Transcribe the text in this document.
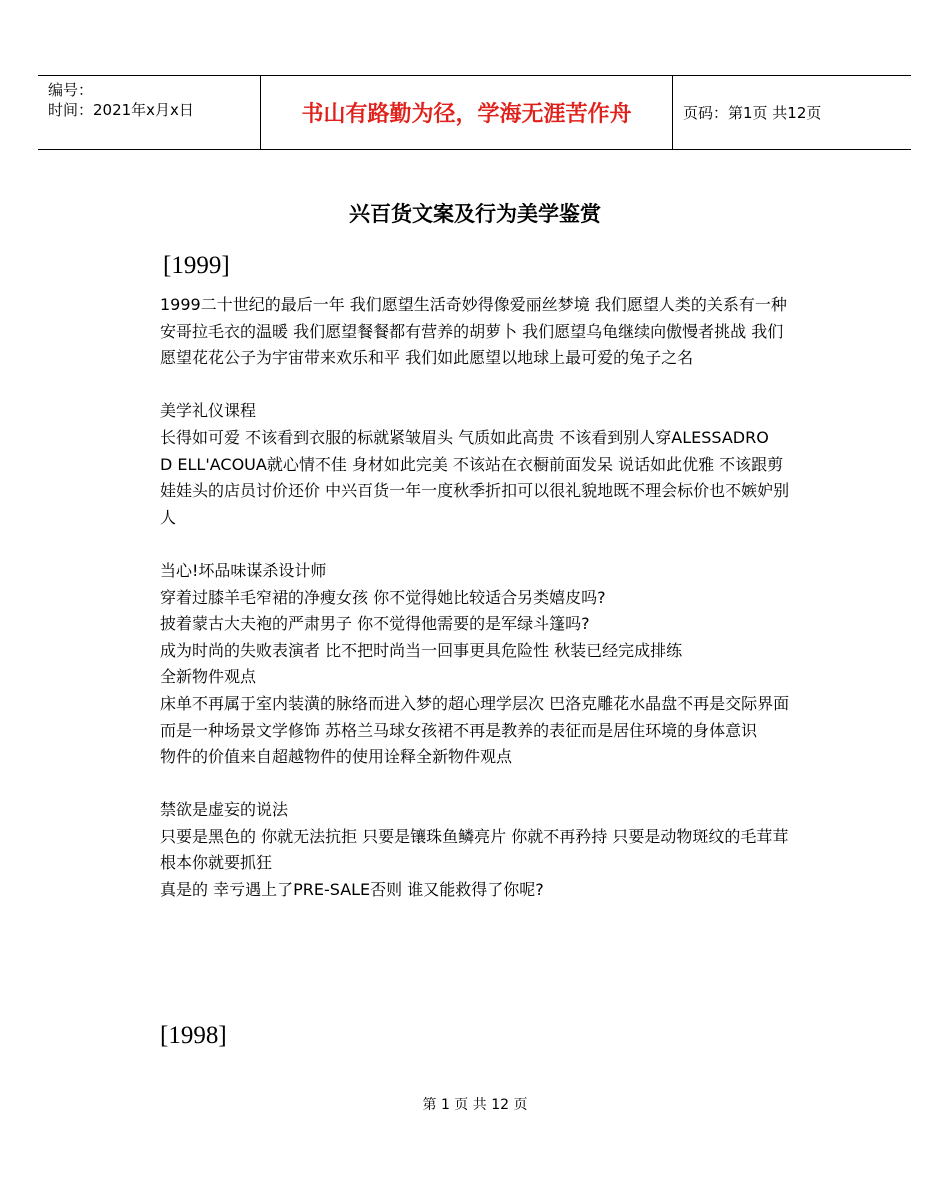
编号：
时间：2021年x月x日	书山有路勤为径，学海无涯苦作舟	页码：第1页 共12页
兴百货文案及行为美学鉴赏
[1999]

1999二十世纪的最后一年 我们愿望生活奇妙得像爱丽丝梦境 我们愿望人类的关系有一种安哥拉毛衣的温暖 我们愿望餐餐都有营养的胡萝卜 我们愿望乌龟继续向傲慢者挑战 我们愿望花花公子为宇宙带来欢乐和平 我们如此愿望以地球上最可爱的兔子之名

美学礼仪课程

长得如可爱 不该看到衣服的标就紧皱眉头 气质如此高贵 不该看到别人穿ALESSADRO　　D ELL'ACOUA就心情不佳 身材如此完美 不该站在衣橱前面发呆 说话如此优雅 不该跟剪娃娃头的店员讨价还价 中兴百货一年一度秋季折扣可以很礼貌地既不理会标价也不嫉妒别人

当心!坏品味谋杀设计师

穿着过膝羊毛窄裙的净瘦女孩 你不觉得她比较适合另类嬉皮吗?

披着蒙古大夫袍的严肃男子 你不觉得他需要的是军绿斗篷吗?

成为时尚的失败表演者 比不把时尚当一回事更具危险性 秋装已经完成排练

全新物件观点

床单不再属于室内装潢的脉络而进入梦的超心理学层次 巴洛克雕花水晶盘不再是交际界面而是一种场景文学修饰 苏格兰马球女孩裙不再是教养的表征而是居住环境的身体意识

物件的价值来自超越物件的使用诠释全新物件观点

禁欲是虚妄的说法

只要是黑色的 你就无法抗拒 只要是镶珠鱼鳞亮片 你就不再矜持 只要是动物斑纹的毛茸茸 根本你就要抓狂

真是的 幸亏遇上了PRE-SALE否则 谁又能救得了你呢?

[1998]
第 1 页 共 12 页
